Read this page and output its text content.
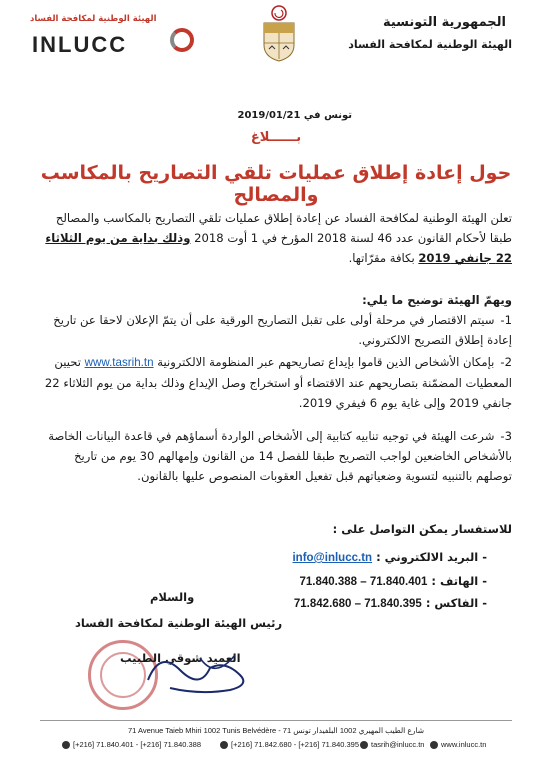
الجمهورية التونسية
الهيئة الوطنية لمكافحة الفساد
الهيئة الوطنية لمكافحة الفساد
INLUCC
تونس في 2019/01/21
بــــــلاغ
حول إعادة إطلاق عمليات تلقي التصاريح بالمكاسب والمصالح
تعلن الهيئة الوطنية لمكافحة الفساد عن إعادة إطلاق عمليات تلقي التصاريح بالمكاسب والمصالح طبقا لأحكام القانون عدد 46 لسنة 2018 المؤرخ في 1 أوت 2018 وذلك بداية من يوم الثلاثاء 22 جانفي 2019 بكافة مقرّاتها.
ويهمّ الهيئة توضيح ما يلي:
1-سيتم الاقتصار في مرحلة أولى على تقبل التصاريح الورقية على أن يتمّ الإعلان لاحقا عن تاريخ إعادة إطلاق التصريح الالكتروني.
2-بإمكان الأشخاص الذين قاموا بإيداع تصاريحهم عبر المنظومة الالكترونية www.tasrih.tn تحيين المعطيات المضمّنة بتصاريحهم عند الاقتضاء أو استخراج وصل الإيداع وذلك بداية من يوم الثلاثاء 22 جانفي 2019 وإلى غاية يوم 6 فيفري 2019.
3-شرعت الهيئة في توجيه تنابيه كتابية إلى الأشخاص الواردة أسماؤهم في قاعدة البيانات الخاصة بالأشخاص الخاضعين لواجب التصريح طبقا للفصل 14 من القانون وإمهالهم 30 يوم من تاريخ توصلهم بالتنبيه لتسوية وضعياتهم قبل تفعيل العقوبات المنصوص عليها بالقانون.
للاستفسار يمكن التواصل على :
- البريد الالكتروني : info@inlucc.tn
- الهاتف : 71.840.388 – 71.840.401
- الفاكس : 71.842.680 – 71.840.395
والسلام
رئيس الهيئة الوطنية لمكافحة الفساد
العميد شوقي الطبيب
71 Avenue Taieb Mhiri 1002 Tunis Belvédère - 71 شارع الطيب المهيري 1002 البلفيدار تونس
[+216] 71.840.401 - [+216] 71.840.388	[+216] 71.842.680 - [+216] 71.840.395	tasrih@inlucc.tn	www.inlucc.tn
